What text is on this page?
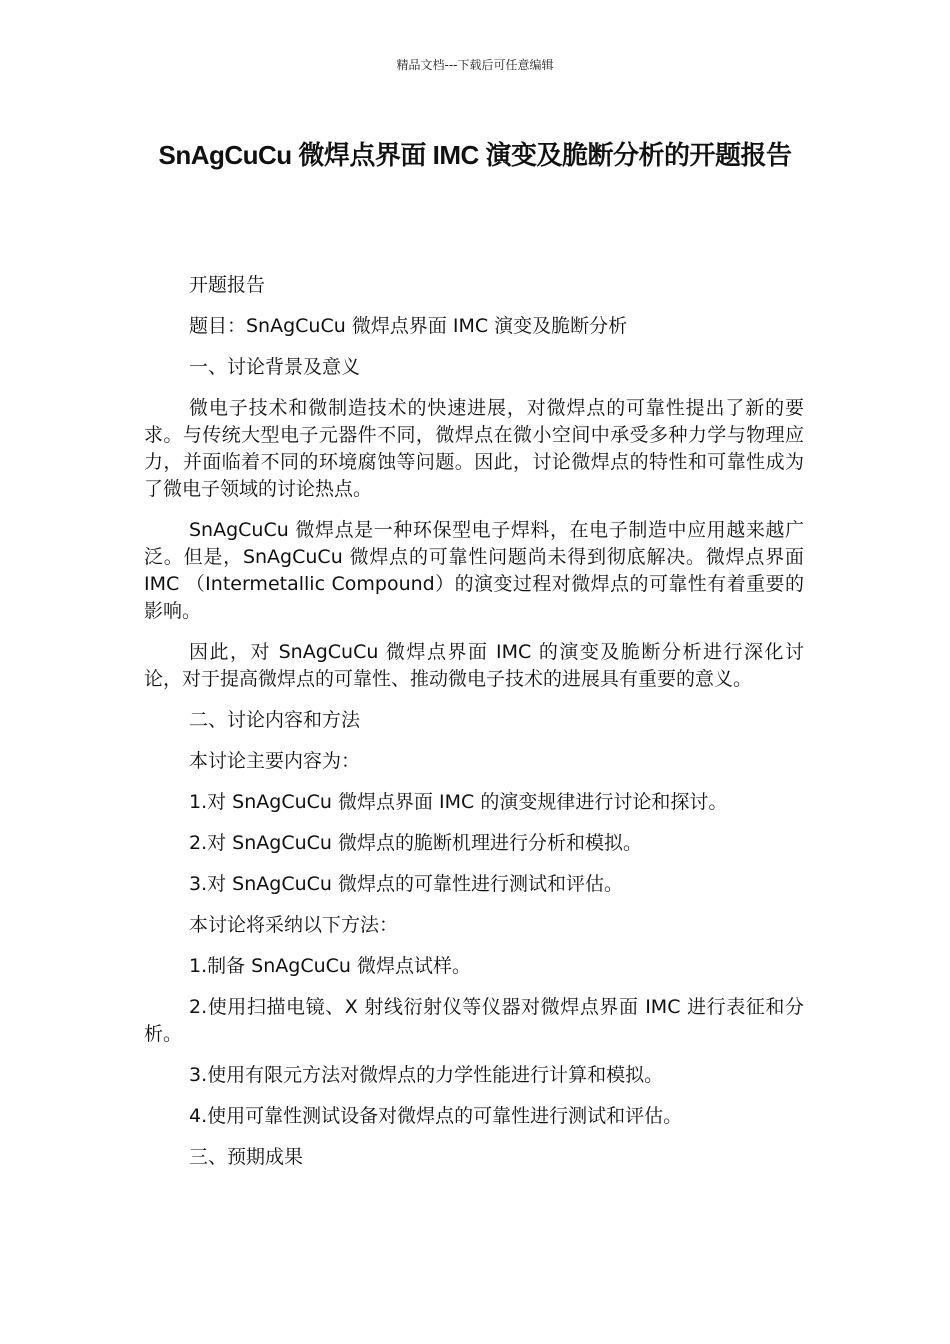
精品文档---下载后可任意编辑
SnAgCuCu 微焊点界面 IMC 演变及脆断分析的开题报告

开题报告

题目：SnAgCuCu 微焊点界面 IMC 演变及脆断分析

一、讨论背景及意义

微电子技术和微制造技术的快速进展，对微焊点的可靠性提出了新的要求。与传统大型电子元器件不同，微焊点在微小空间中承受多种力学与物理应力，并面临着不同的环境腐蚀等问题。因此，讨论微焊点的特性和可靠性成为了微电子领域的讨论热点。

SnAgCuCu 微焊点是一种环保型电子焊料，在电子制造中应用越来越广泛。但是，SnAgCuCu 微焊点的可靠性问题尚未得到彻底解决。微焊点界面 IMC （Intermetallic Compound）的演变过程对微焊点的可靠性有着重要的影响。

因此，对 SnAgCuCu 微焊点界面 IMC 的演变及脆断分析进行深化讨论，对于提高微焊点的可靠性、推动微电子技术的进展具有重要的意义。

二、讨论内容和方法

本讨论主要内容为：

1.对 SnAgCuCu 微焊点界面 IMC 的演变规律进行讨论和探讨。

2.对 SnAgCuCu 微焊点的脆断机理进行分析和模拟。

3.对 SnAgCuCu 微焊点的可靠性进行测试和评估。

本讨论将采纳以下方法：

1.制备 SnAgCuCu 微焊点试样。

2.使用扫描电镜、X 射线衍射仪等仪器对微焊点界面 IMC 进行表征和分析。

3.使用有限元方法对微焊点的力学性能进行计算和模拟。

4.使用可靠性测试设备对微焊点的可靠性进行测试和评估。

三、预期成果
